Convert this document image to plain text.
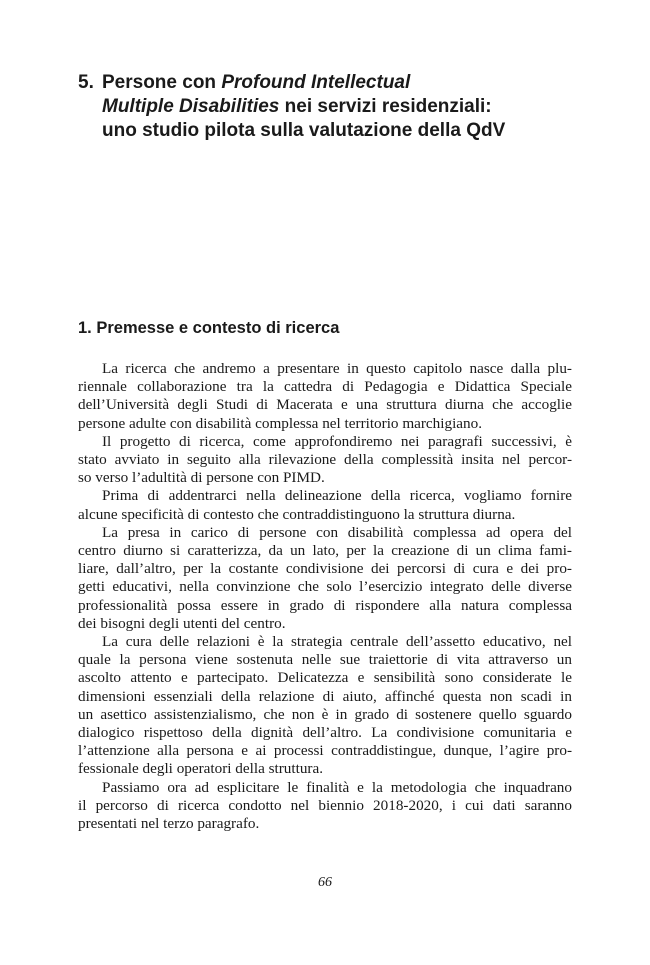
5. Persone con Profound Intellectual
Multiple Disabilities nei servizi residenziali:
uno studio pilota sulla valutazione della QdV
1. Premesse e contesto di ricerca

La ricerca che andremo a presentare in questo capitolo nasce dalla plu-
riennale collaborazione tra la cattedra di Pedagogia e Didattica Speciale
dell’Università degli Studi di Macerata e una struttura diurna che accoglie
persone adulte con disabilità complessa nel territorio marchigiano.

Il progetto di ricerca, come approfondiremo nei paragrafi successivi, è
stato avviato in seguito alla rilevazione della complessità insita nel percor-
so verso l’adultità di persone con PIMD.

Prima di addentrarci nella delineazione della ricerca, vogliamo fornire
alcune specificità di contesto che contraddistinguono la struttura diurna.

La presa in carico di persone con disabilità complessa ad opera del
centro diurno si caratterizza, da un lato, per la creazione di un clima fami-
liare, dall’altro, per la costante condivisione dei percorsi di cura e dei pro-
getti educativi, nella convinzione che solo l’esercizio integrato delle diverse
professionalità possa essere in grado di rispondere alla natura complessa
dei bisogni degli utenti del centro.

La cura delle relazioni è la strategia centrale dell’assetto educativo, nel
quale la persona viene sostenuta nelle sue traiettorie di vita attraverso un
ascolto attento e partecipato. Delicatezza e sensibilità sono considerate le
dimensioni essenziali della relazione di aiuto, affinché questa non scadi in
un asettico assistenzialismo, che non è in grado di sostenere quello sguardo
dialogico rispettoso della dignità dell’altro. La condivisione comunitaria e
l’attenzione alla persona e ai processi contraddistingue, dunque, l’agire pro-
fessionale degli operatori della struttura.

Passiamo ora ad esplicitare le finalità e la metodologia che inquadrano
il percorso di ricerca condotto nel biennio 2018-2020, i cui dati saranno
presentati nel terzo paragrafo.

66
